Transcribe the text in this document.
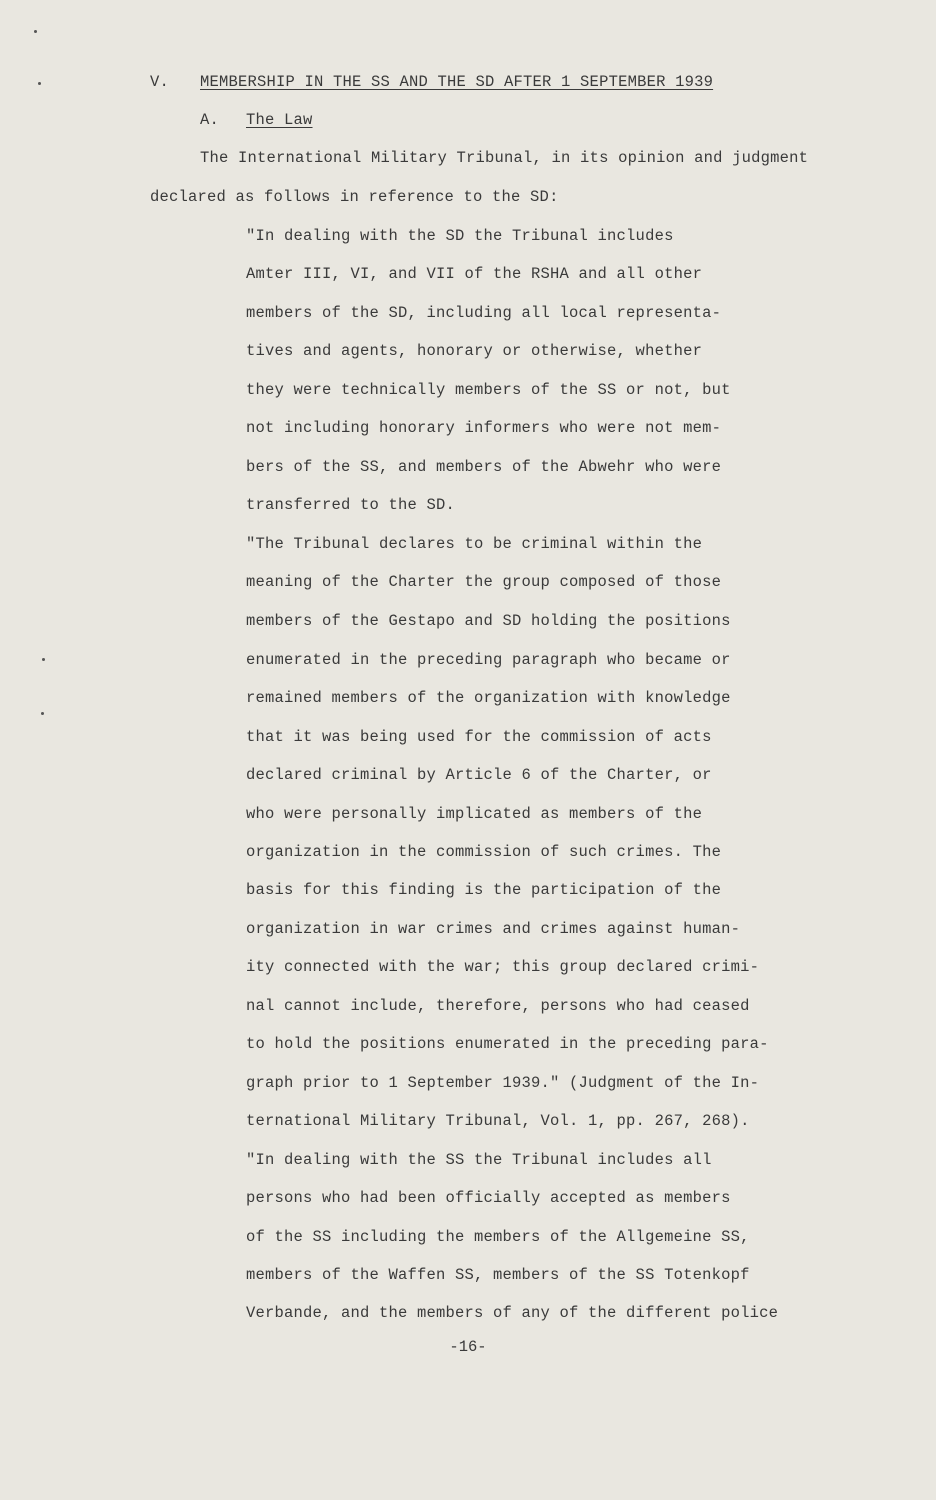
V. MEMBERSHIP IN THE SS AND THE SD AFTER 1 SEPTEMBER 1939
A. The Law
The International Military Tribunal, in its opinion and judgment
declared as follows in reference to the SD:
"In dealing with the SD the Tribunal includes
Amter III, VI, and VII of the RSHA and all other
members of the SD, including all local representa-
tives and agents, honorary or otherwise, whether
they were technically members of the SS or not, but
not including honorary informers who were not mem-
bers of the SS, and members of the Abwehr who were
transferred to the SD.
"The Tribunal declares to be criminal within the
meaning of the Charter the group composed of those
members of the Gestapo and SD holding the positions
enumerated in the preceding paragraph who became or
remained members of the organization with knowledge
that it was being used for the commission of acts
declared criminal by Article 6 of the Charter, or
who were personally implicated as members of the
organization in the commission of such crimes. The
basis for this finding is the participation of the
organization in war crimes and crimes against human-
ity connected with the war; this group declared crimi-
nal cannot include, therefore, persons who had ceased
to hold the positions enumerated in the preceding para-
graph prior to 1 September 1939." (Judgment of the In-
ternational Military Tribunal, Vol. 1, pp. 267, 268).
"In dealing with the SS the Tribunal includes all
persons who had been officially accepted as members
of the SS including the members of the Allgemeine SS,
members of the Waffen SS, members of the SS Totenkopf
Verbande, and the members of any of the different police
-16-
